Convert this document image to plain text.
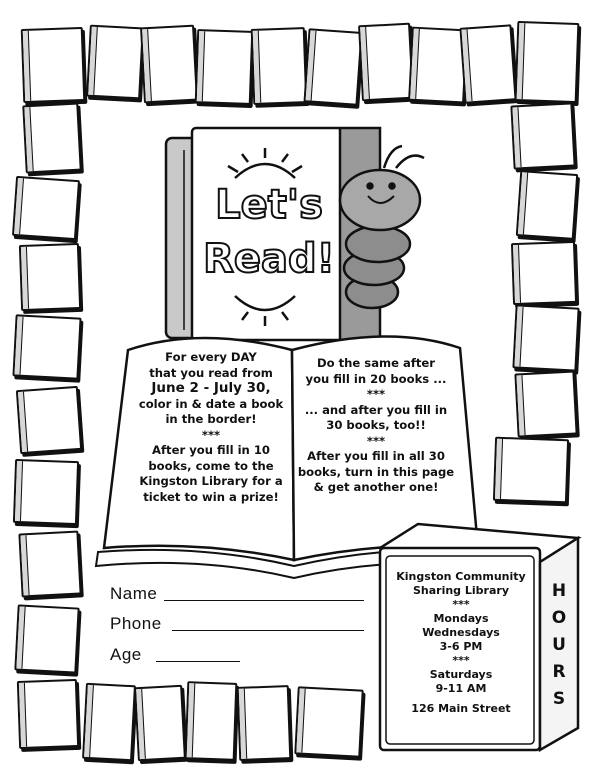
Let's Read!
For every DAY
that you read from
June 2 - July 30,
color in & date a book
in the border!
***
After you fill in 10
books, come to the
Kingston Library for a
ticket to win a prize!
Do the same after
you fill in 20 books ...
***
... and after you fill in
30 books, too!!
***
After you fill in all 30
books, turn in this page
& get another one!
Name
Phone
Age
Kingston Community
Sharing Library
***
Mondays
Wednesdays
3-6 PM
***
Saturdays
9-11 AM
126 Main Street
H
O
U
R
S
